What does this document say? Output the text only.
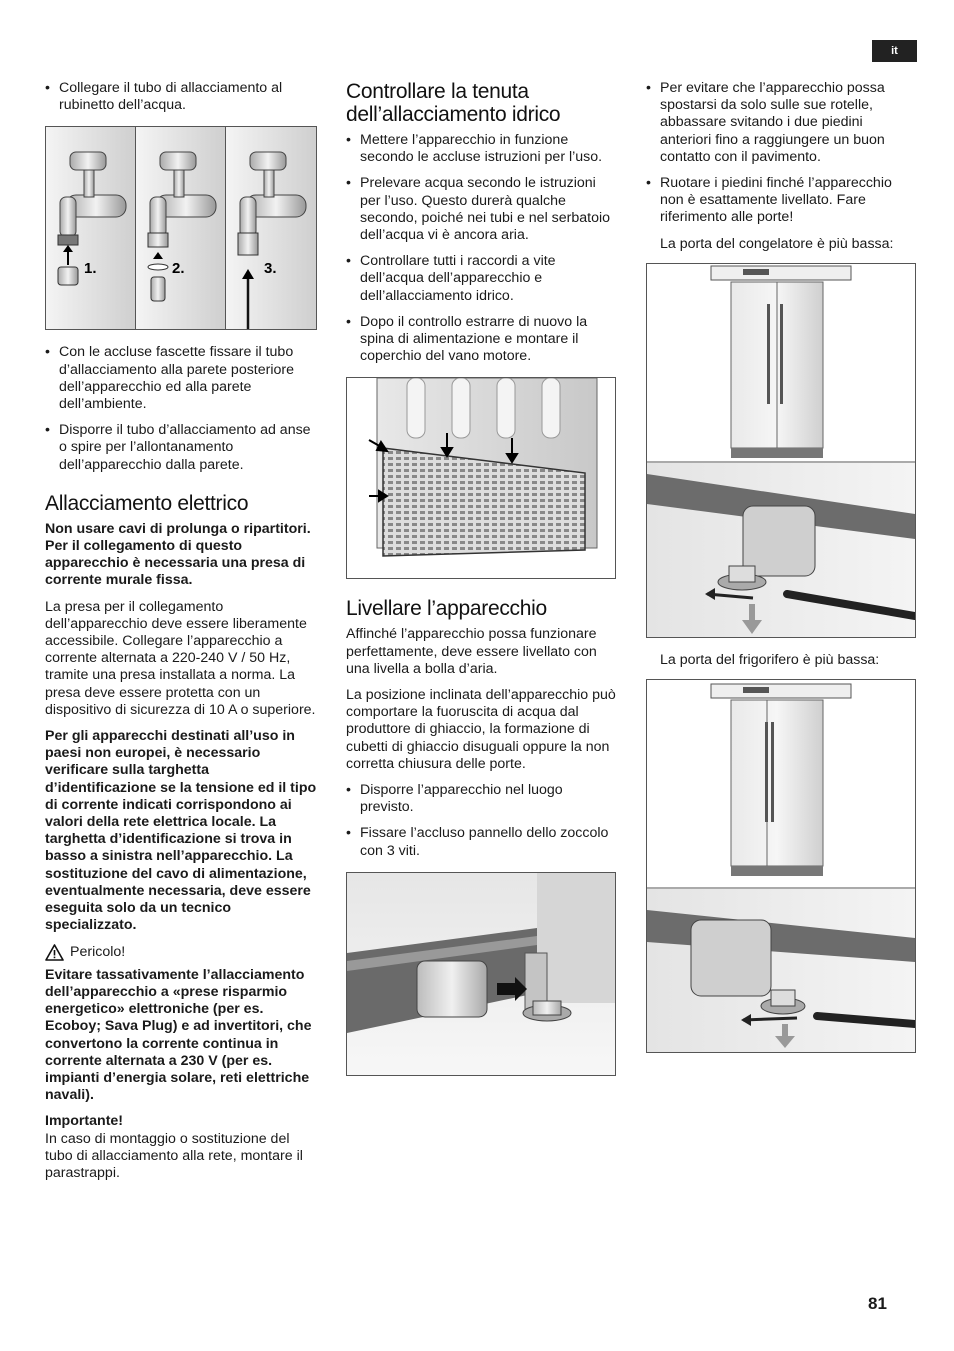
it
• Collegare il tubo di allacciamento al rubinetto dell’acqua.
1.	2.	3.
• Con le accluse fascette fissare il tubo d’allacciamento alla parete posteriore dell’apparecchio ed alla parete dell’ambiente.
• Disporre il tubo d’allacciamento ad anse o spire per l’allontanamento dell’apparecchio dalla parete.
Allacciamento elettrico

Non usare cavi di prolunga o ripartitori. Per il collegamento di questo apparecchio è necessaria una presa di corrente murale fissa.

La presa per il collegamento dell’apparecchio deve essere liberamente accessibile. Collegare l’apparecchio a corrente alternata a 220-240 V / 50 Hz, tramite una presa installata a norma. La presa deve essere protetta con un dispositivo di sicurezza di 10 A o superiore.

Per gli apparecchi destinati all’uso in paesi non europei, è necessario verificare sulla targhetta d’identificazione se la tensione ed il tipo di corrente indicati corrispondono ai valori della rete elettrica locale. La targhetta d’identificazione si trova in basso a sinistra nell’apparecchio. La sostituzione del cavo di alimentazione, eventualmente necessaria, deve essere eseguita solo da un tecnico specializzato.

Pericolo!

Evitare tassativamente l’allacciamento dell’apparecchio a «prese risparmio energetico» elettroniche (per es. Ecoboy; Sava Plug) e ad invertitori, che convertono la corrente continua in corrente alternata a 230 V (per es. impianti d’energia solare, reti elettriche navali).

Importante!

In caso di montaggio o sostituzione del tubo di allacciamento alla rete, montare il parastrappi.

Controllare la tenuta dell’allacciamento idrico
• Mettere l’apparecchio in funzione secondo le accluse istruzioni per l’uso.
• Prelevare acqua secondo le istruzioni per l’uso. Questo durerà qualche secondo, poiché nei tubi e nel serbatoio dell’acqua vi è ancora aria.
• Controllare tutti i raccordi a vite dell’acqua dell’apparecchio e dell’allacciamento idrico.
• Dopo il controllo estrarre di nuovo la spina di alimentazione e montare il coperchio del vano motore.
Livellare l’apparecchio

Affinché l’apparecchio possa funzionare perfettamente, deve essere livellato con una livella a bolla d’aria.

La posizione inclinata dell’apparecchio può comportare la fuoruscita di acqua dal produttore di ghiaccio, la formazione di cubetti di ghiaccio disuguali oppure la non corretta chiusura delle porte.

• Disporre l’apparecchio nel luogo previsto.
• Fissare l’accluso pannello dello zoccolo con 3 viti.
• Per evitare che l’apparecchio possa spostarsi da solo sulle sue rotelle, abbassare svitando i due piedini anteriori fino a raggiungere un buon contatto con il pavimento.
• Ruotare i piedini finché l’apparecchio non è esattamente livellato. Fare riferimento alle porte!

La porta del congelatore è più bassa:

La porta del frigorifero è più bassa:

81
